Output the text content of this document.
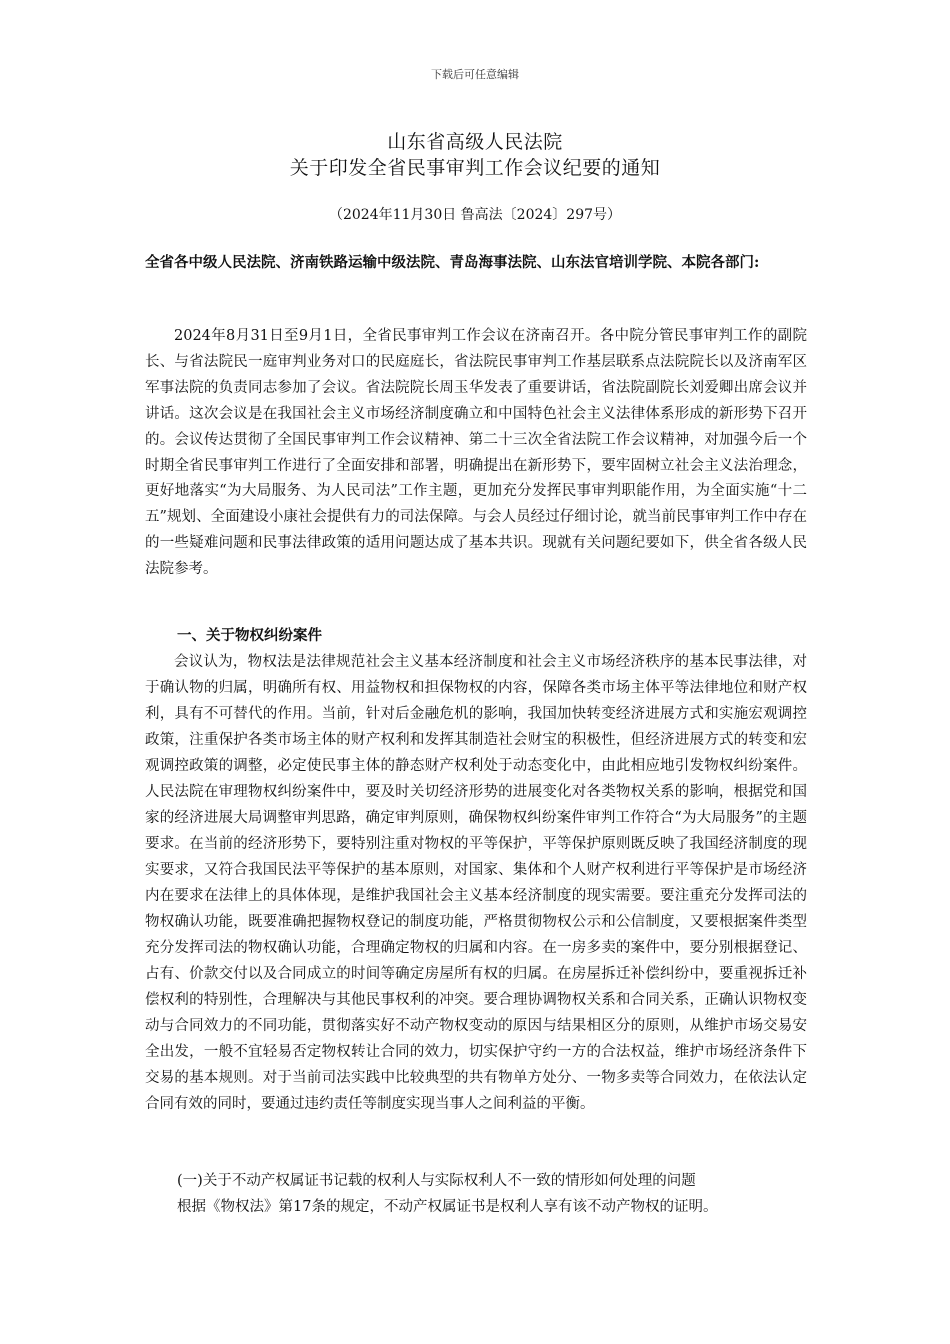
下载后可任意编辑
山东省高级人民法院
关于印发全省民事审判工作会议纪要的通知
（2024年11月30日 鲁高法〔2024〕297号）
全省各中级人民法院、济南铁路运输中级法院、青岛海事法院、山东法官培训学院、本院各部门:
2024年8月31日至9月1日，全省民事审判工作会议在济南召开。各中院分管民事审判工作的副院长、与省法院民一庭审判业务对口的民庭庭长，省法院民事审判工作基层联系点法院院长以及济南军区军事法院的负责同志参加了会议。省法院院长周玉华发表了重要讲话，省法院副院长刘爱卿出席会议并讲话。这次会议是在我国社会主义市场经济制度确立和中国特色社会主义法律体系形成的新形势下召开的。会议传达贯彻了全国民事审判工作会议精神、第二十三次全省法院工作会议精神，对加强今后一个时期全省民事审判工作进行了全面安排和部署，明确提出在新形势下，要牢固树立社会主义法治理念，更好地落实“为大局服务、为人民司法”工作主题，更加充分发挥民事审判职能作用，为全面实施“十二五”规划、全面建设小康社会提供有力的司法保障。与会人员经过仔细讨论，就当前民事审判工作中存在的一些疑难问题和民事法律政策的适用问题达成了基本共识。现就有关问题纪要如下，供全省各级人民法院参考。
一、关于物权纠纷案件
会议认为，物权法是法律规范社会主义基本经济制度和社会主义市场经济秩序的基本民事法律，对于确认物的归属，明确所有权、用益物权和担保物权的内容，保障各类市场主体平等法律地位和财产权利，具有不可替代的作用。当前，针对后金融危机的影响，我国加快转变经济进展方式和实施宏观调控政策，注重保护各类市场主体的财产权利和发挥其制造社会财宝的积极性，但经济进展方式的转变和宏观调控政策的调整，必定使民事主体的静态财产权利处于动态变化中，由此相应地引发物权纠纷案件。人民法院在审理物权纠纷案件中，要及时关切经济形势的进展变化对各类物权关系的影响，根据党和国家的经济进展大局调整审判思路，确定审判原则，确保物权纠纷案件审判工作符合“为大局服务”的主题要求。在当前的经济形势下，要特别注重对物权的平等保护，平等保护原则既反映了我国经济制度的现实要求，又符合我国民法平等保护的基本原则，对国家、集体和个人财产权利进行平等保护是市场经济内在要求在法律上的具体体现，是维护我国社会主义基本经济制度的现实需要。要注重充分发挥司法的物权确认功能，既要准确把握物权登记的制度功能，严格贯彻物权公示和公信制度，又要根据案件类型充分发挥司法的物权确认功能，合理确定物权的归属和内容。在一房多卖的案件中，要分别根据登记、占有、价款交付以及合同成立的时间等确定房屋所有权的归属。在房屋拆迁补偿纠纷中，要重视拆迁补偿权利的特别性，合理解决与其他民事权利的冲突。要合理协调物权关系和合同关系，正确认识物权变动与合同效力的不同功能，贯彻落实好不动产物权变动的原因与结果相区分的原则，从维护市场交易安全出发，一般不宜轻易否定物权转让合同的效力，切实保护守约一方的合法权益，维护市场经济条件下交易的基本规则。对于当前司法实践中比较典型的共有物单方处分、一物多卖等合同效力，在依法认定合同有效的同时，要通过违约责任等制度实现当事人之间利益的平衡。
(一)关于不动产权属证书记载的权利人与实际权利人不一致的情形如何处理的问题
根据《物权法》第17条的规定，不动产权属证书是权利人享有该不动产物权的证明。
